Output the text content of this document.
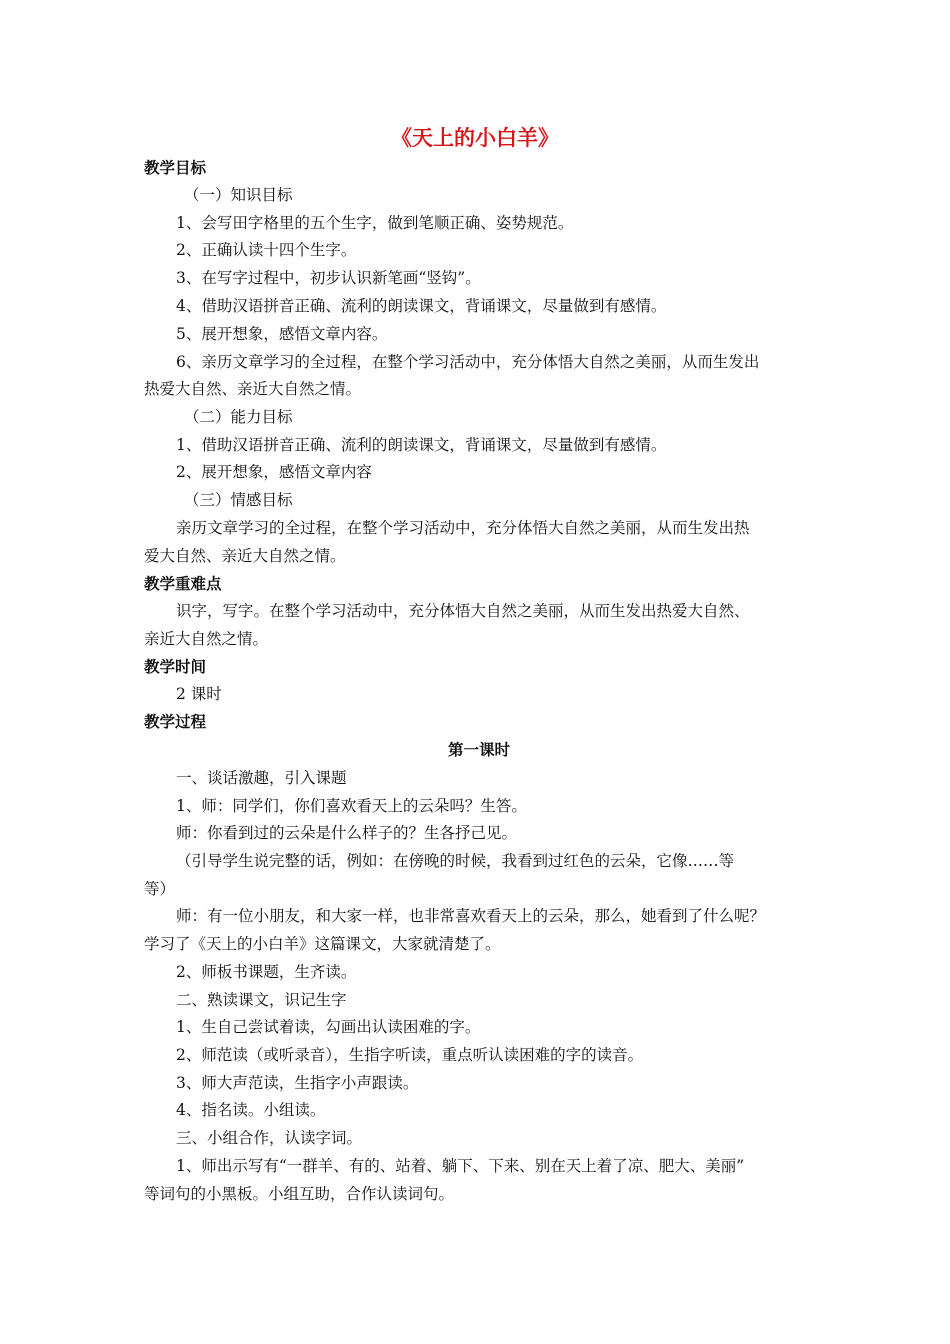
《天上的小白羊》
教学目标
（一）知识目标
1、会写田字格里的五个生字，做到笔顺正确、姿势规范。
2、正确认读十四个生字。
3、在写字过程中，初步认识新笔画“竖钩”。
4、借助汉语拼音正确、流利的朗读课文，背诵课文，尽量做到有感情。
5、展开想象，感悟文章内容。
6、亲历文章学习的全过程，在整个学习活动中，充分体悟大自然之美丽，从而生发出
热爱大自然、亲近大自然之情。
（二）能力目标
1、借助汉语拼音正确、流利的朗读课文，背诵课文，尽量做到有感情。
2、展开想象，感悟文章内容
（三）情感目标
亲历文章学习的全过程，在整个学习活动中，充分体悟大自然之美丽，从而生发出热
爱大自然、亲近大自然之情。
教学重难点
识字，写字。在整个学习活动中，充分体悟大自然之美丽，从而生发出热爱大自然、
亲近大自然之情。
教学时间
2 课时
教学过程
第一课时
一、谈话激趣，引入课题
1、师：同学们，你们喜欢看天上的云朵吗？生答。
师：你看到过的云朵是什么样子的？生各抒己见。
（引导学生说完整的话，例如：在傍晚的时候，我看到过红色的云朵，它像……等
等）
师：有一位小朋友，和大家一样，也非常喜欢看天上的云朵，那么，她看到了什么呢？
学习了《天上的小白羊》这篇课文，大家就清楚了。
2、师板书课题，生齐读。
二、熟读课文，识记生字
1、生自己尝试着读，勾画出认读困难的字。
2、师范读（或听录音），生指字听读，重点听认读困难的字的读音。
3、师大声范读，生指字小声跟读。
4、指名读。小组读。
三、小组合作，认读字词。
1、师出示写有“一群羊、有的、站着、躺下、下来、别在天上着了凉、肥大、美丽”
等词句的小黑板。小组互助，合作认读词句。
